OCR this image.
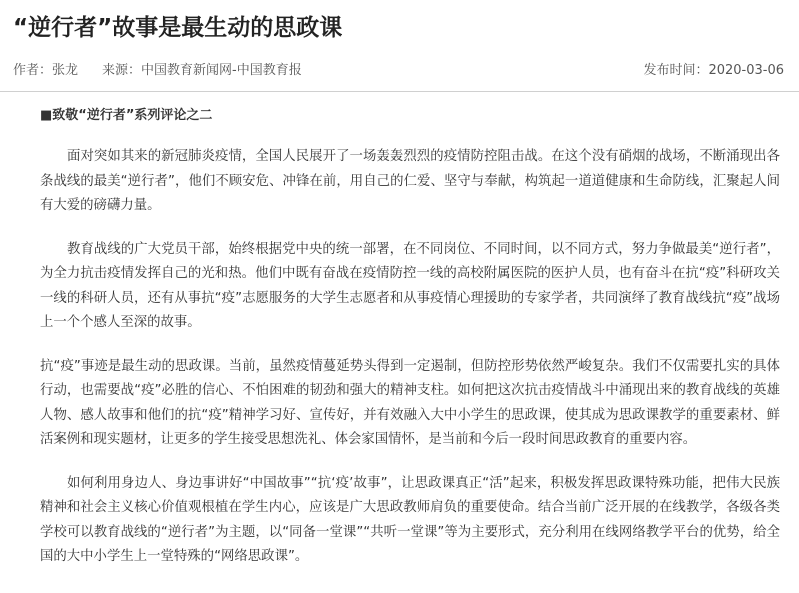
“逆行者”故事是最生动的思政课
作者：张龙 来源：中国教育新闻网-中国教育报	发布时间：2020-03-06

■致敬“逆行者”系列评论之二

面对突如其来的新冠肺炎疫情，全国人民展开了一场轰轰烈烈的疫情防控阻击战。在这个没有硝烟的战场，不断涌现出各条战线的最美“逆行者”，他们不顾安危、冲锋在前，用自己的仁爱、坚守与奉献，构筑起一道道健康和生命防线，汇聚起人间有大爱的磅礴力量。

教育战线的广大党员干部，始终根据党中央的统一部署，在不同岗位、不同时间，以不同方式，努力争做最美“逆行者”，为全力抗击疫情发挥自己的光和热。他们中既有奋战在疫情防控一线的高校附属医院的医护人员，也有奋斗在抗“疫”科研攻关一线的科研人员，还有从事抗“疫”志愿服务的大学生志愿者和从事疫情心理援助的专家学者，共同演绎了教育战线抗“疫”战场上一个个感人至深的故事。

抗“疫”事迹是最生动的思政课。当前，虽然疫情蔓延势头得到一定遏制，但防控形势依然严峻复杂。我们不仅需要扎实的具体行动，也需要战“疫”必胜的信心、不怕困难的韧劲和强大的精神支柱。如何把这次抗击疫情战斗中涌现出来的教育战线的英雄人物、感人故事和他们的抗“疫”精神学习好、宣传好，并有效融入大中小学生的思政课，使其成为思政课教学的重要素材、鲜活案例和现实题材，让更多的学生接受思想洗礼、体会家国情怀，是当前和今后一段时间思政教育的重要内容。

如何利用身边人、身边事讲好“中国故事”“抗‘疫’故事”，让思政课真正“活”起来，积极发挥思政课特殊功能，把伟大民族精神和社会主义核心价值观根植在学生内心，应该是广大思政教师肩负的重要使命。结合当前广泛开展的在线教学，各级各类学校可以教育战线的“逆行者”为主题，以“同备一堂课”“共听一堂课”等为主要形式，充分利用在线网络教学平台的优势，给全国的大中小学生上一堂特殊的“网络思政课”。
